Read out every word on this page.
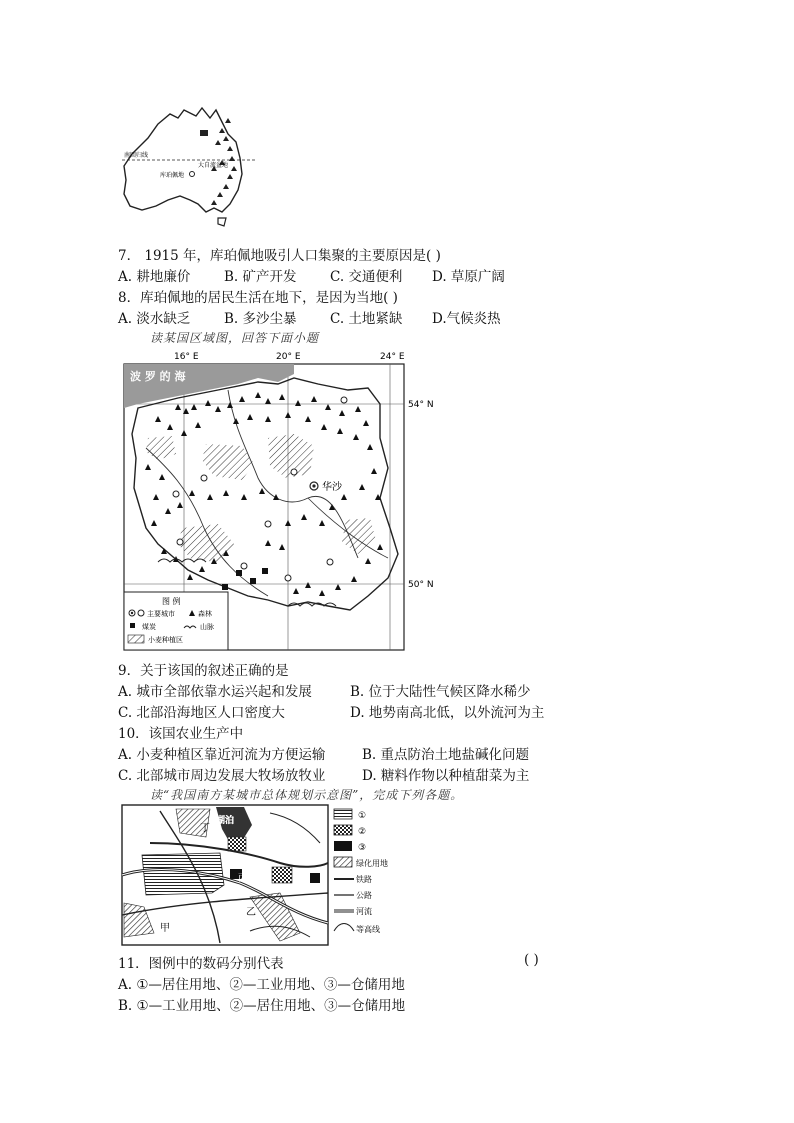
南回归线
大自流盆地
库珀佩地
7． 1915 年，库珀佩地吸引人口集聚的主要原因是( )
A. 耕地廉价 B. 矿产开发 C. 交通便利 D. 草原广阔
8．库珀佩地的居民生活在地下，是因为当地( )
A. 淡水缺乏 B. 多沙尘暴 C. 土地紧缺 D.气候炎热
读某国区域图，回答下面小题
16° E	20° E	24° E
54° N
50° N
波 罗 的 海
华沙
图 例
主要城市	森林
煤炭	山脉
小麦种植区
9．关于该国的叙述正确的是
A. 城市全部依靠水运兴起和发展	B. 位于大陆性气候区降水稀少
C. 北部沿海地区人口密度大	D. 地势南高北低，以外流河为主
10．该国农业生产中
A. 小麦种植区靠近河流为方便运输	B. 重点防治土地盐碱化问题
C. 北部城市周边发展大牧场放牧业	D. 糖料作物以种植甜菜为主
读“我国南方某城市总体规划示意图”，完成下列各题。
湖泊
丁
丙
甲
乙
①
②
③
绿化用地
铁路
公路
河流
等高线
11．图例中的数码分别代表	( )
A. ①—居住用地、②—工业用地、③—仓储用地
B. ①—工业用地、②—居住用地、③—仓储用地
